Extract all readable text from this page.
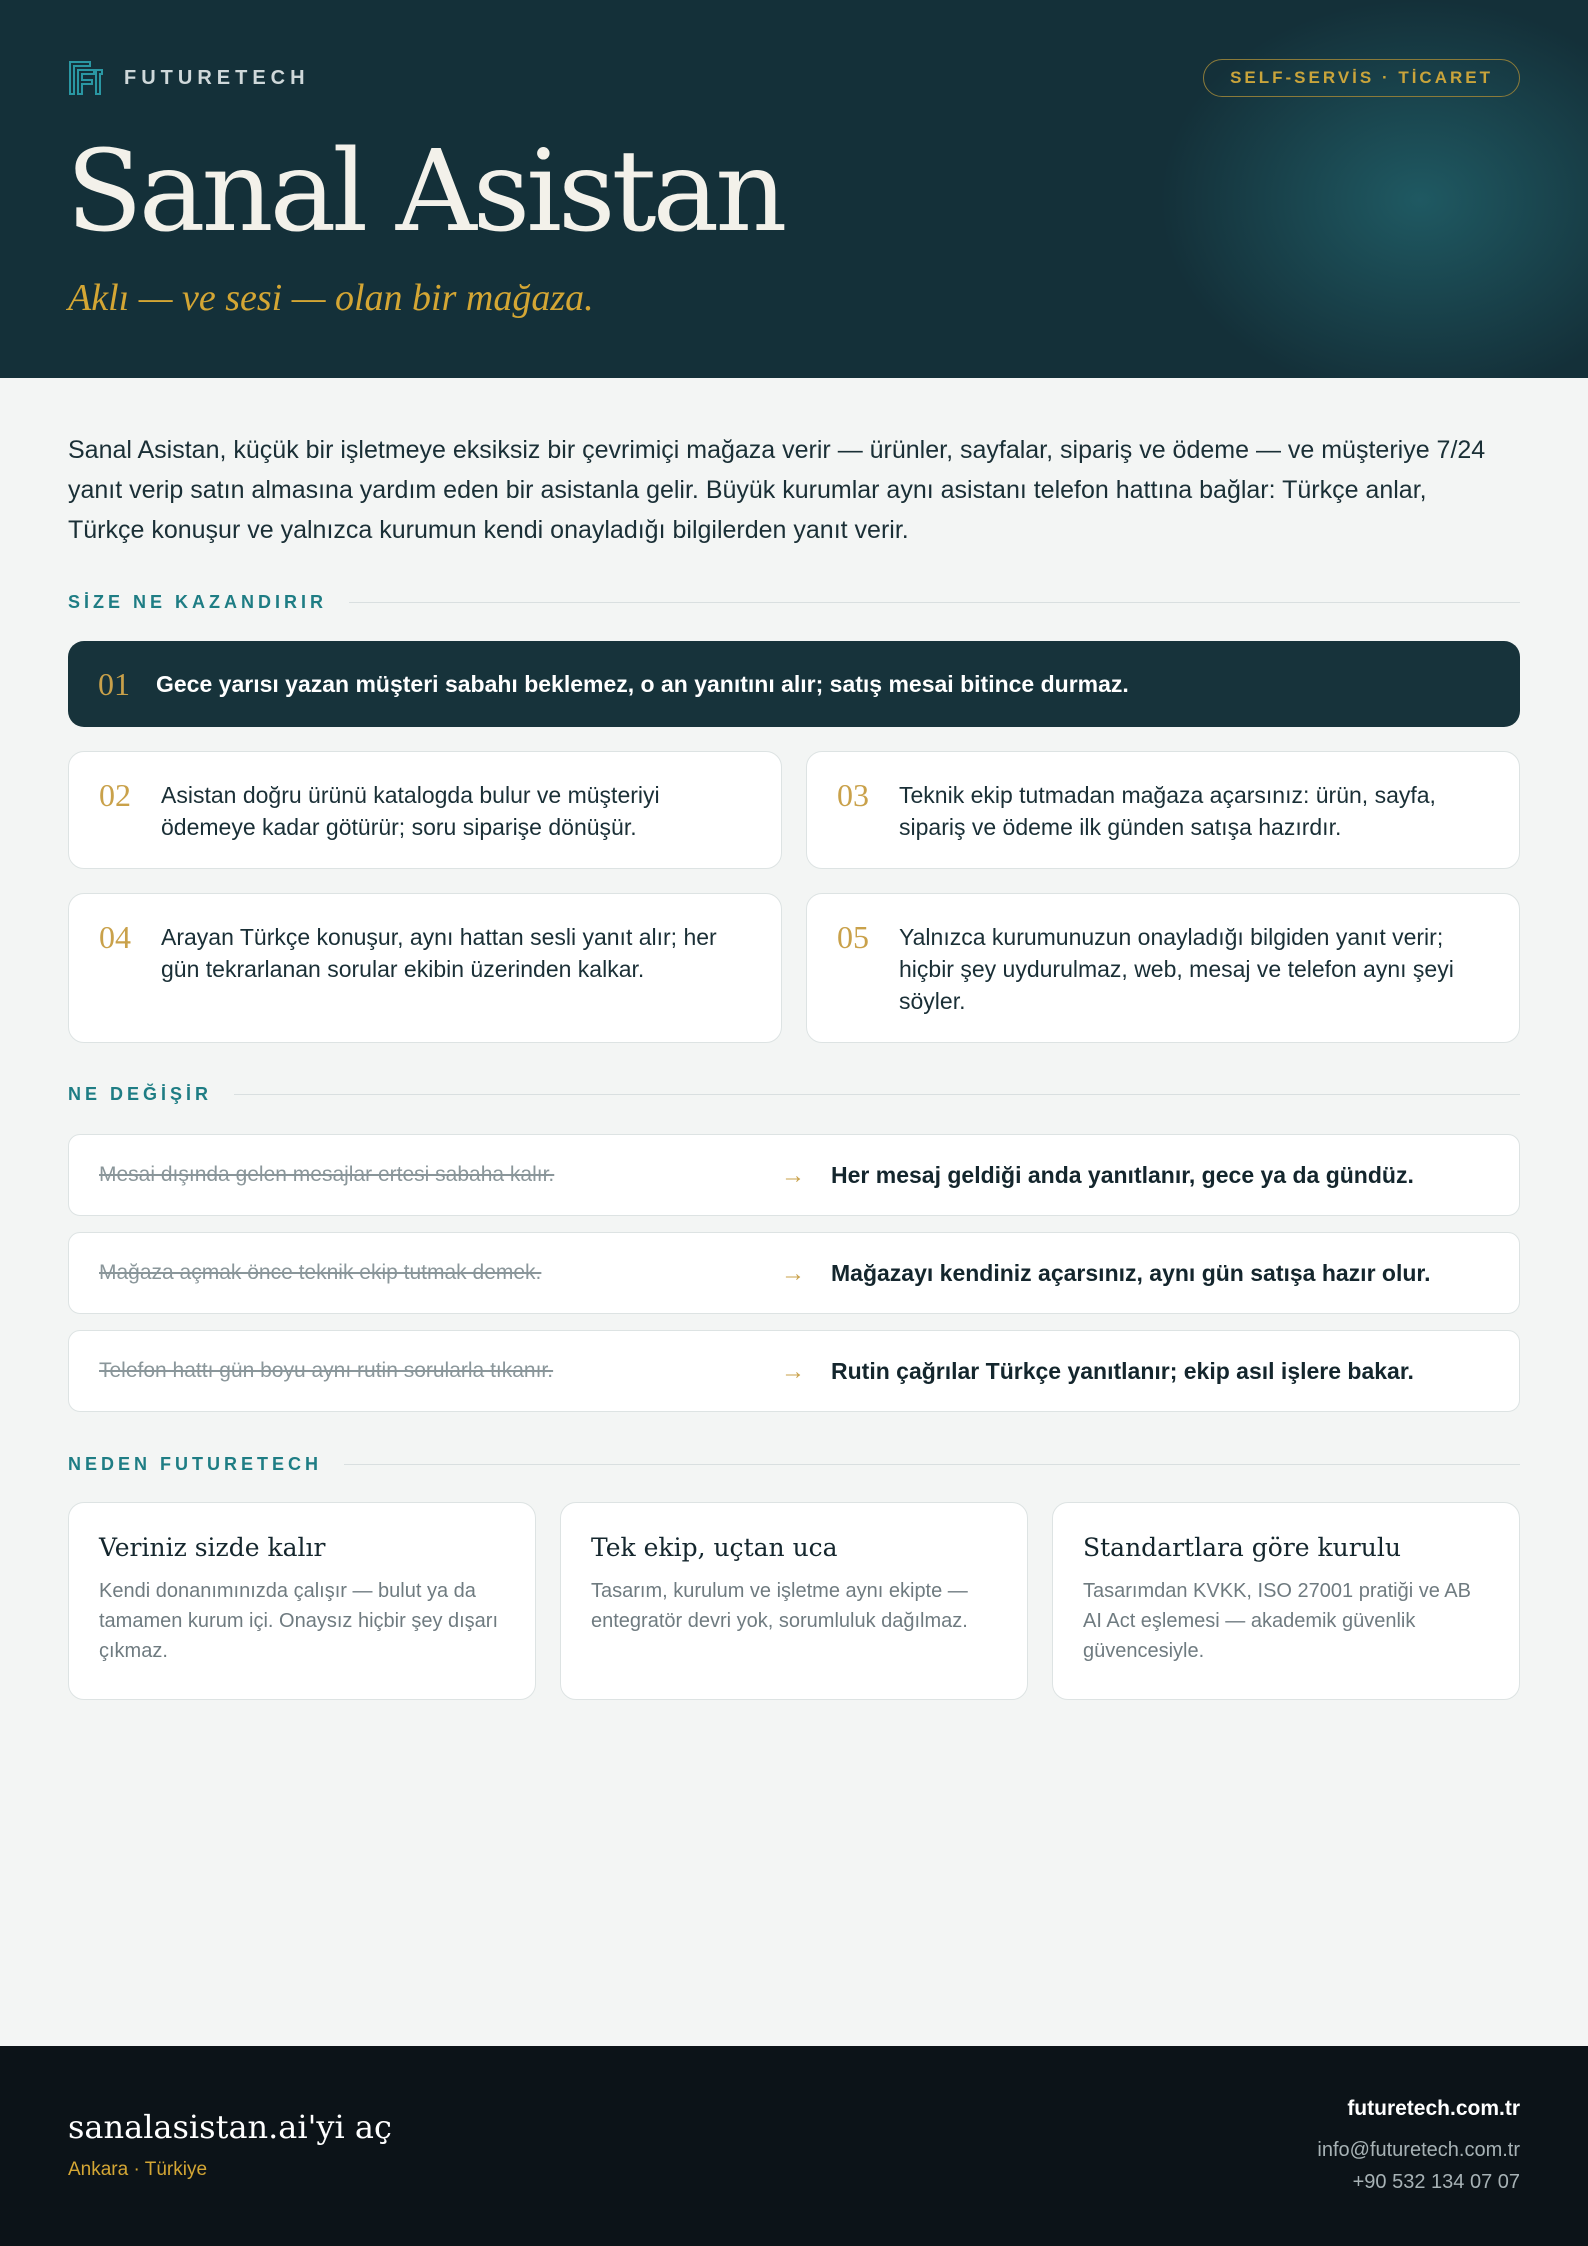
FUTURETECH	SELF-SERVİS · TİCARET
Sanal Asistan

Aklı — ve sesi — olan bir mağaza.

Sanal Asistan, küçük bir işletmeye eksiksiz bir çevrimiçi mağaza verir — ürünler, sayfalar, sipariş ve ödeme — ve müşteriye 7/24 yanıt verip satın almasına yardım eden bir asistanla gelir. Büyük kurumlar aynı asistanı telefon hattına bağlar: Türkçe anlar, Türkçe konuşur ve yalnızca kurumun kendi onayladığı bilgilerden yanıt verir.

SİZE NE KAZANDIRIR
01	Gece yarısı yazan müşteri sabahı beklemez, o an yanıtını alır; satış mesai bitince durmaz.
02	Asistan doğru ürünü katalogda bulur ve müşteriyi ödemeye kadar götürür; soru siparişe dönüşür.
03	Teknik ekip tutmadan mağaza açarsınız: ürün, sayfa, sipariş ve ödeme ilk günden satışa hazırdır.
04	Arayan Türkçe konuşur, aynı hattan sesli yanıt alır; her gün tekrarlanan sorular ekibin üzerinden kalkar.
05	Yalnızca kurumunuzun onayladığı bilgiden yanıt verir; hiçbir şey uydurulmaz, web, mesaj ve telefon aynı şeyi söyler.
NE DEĞİŞİR
Mesai dışında gelen mesajlar ertesi sabaha kalır.	→ Her mesaj geldiği anda yanıtlanır, gece ya da gündüz.
Mağaza açmak önce teknik ekip tutmak demek.	→ Mağazayı kendiniz açarsınız, aynı gün satışa hazır olur.
Telefon hattı gün boyu aynı rutin sorularla tıkanır.	→ Rutin çağrılar Türkçe yanıtlanır; ekip asıl işlere bakar.
NEDEN FUTURETECH
Veriniz sizde kalır

Kendi donanımınızda çalışır — bulut ya da tamamen kurum içi. Onaysız hiçbir şey dışarı çıkmaz.

Tek ekip, uçtan uca

Tasarım, kurulum ve işletme aynı ekipte — entegratör devri yok, sorumluluk dağılmaz.

Standartlara göre kurulu

Tasarımdan KVKK, ISO 27001 pratiği ve AB AI Act eşlemesi — akademik güvenlik güvencesiyle.

sanalasistan.ai'yi aç

Ankara · Türkiye
futuretech.com.tr
info@futuretech.com.tr
+90 532 134 07 07
